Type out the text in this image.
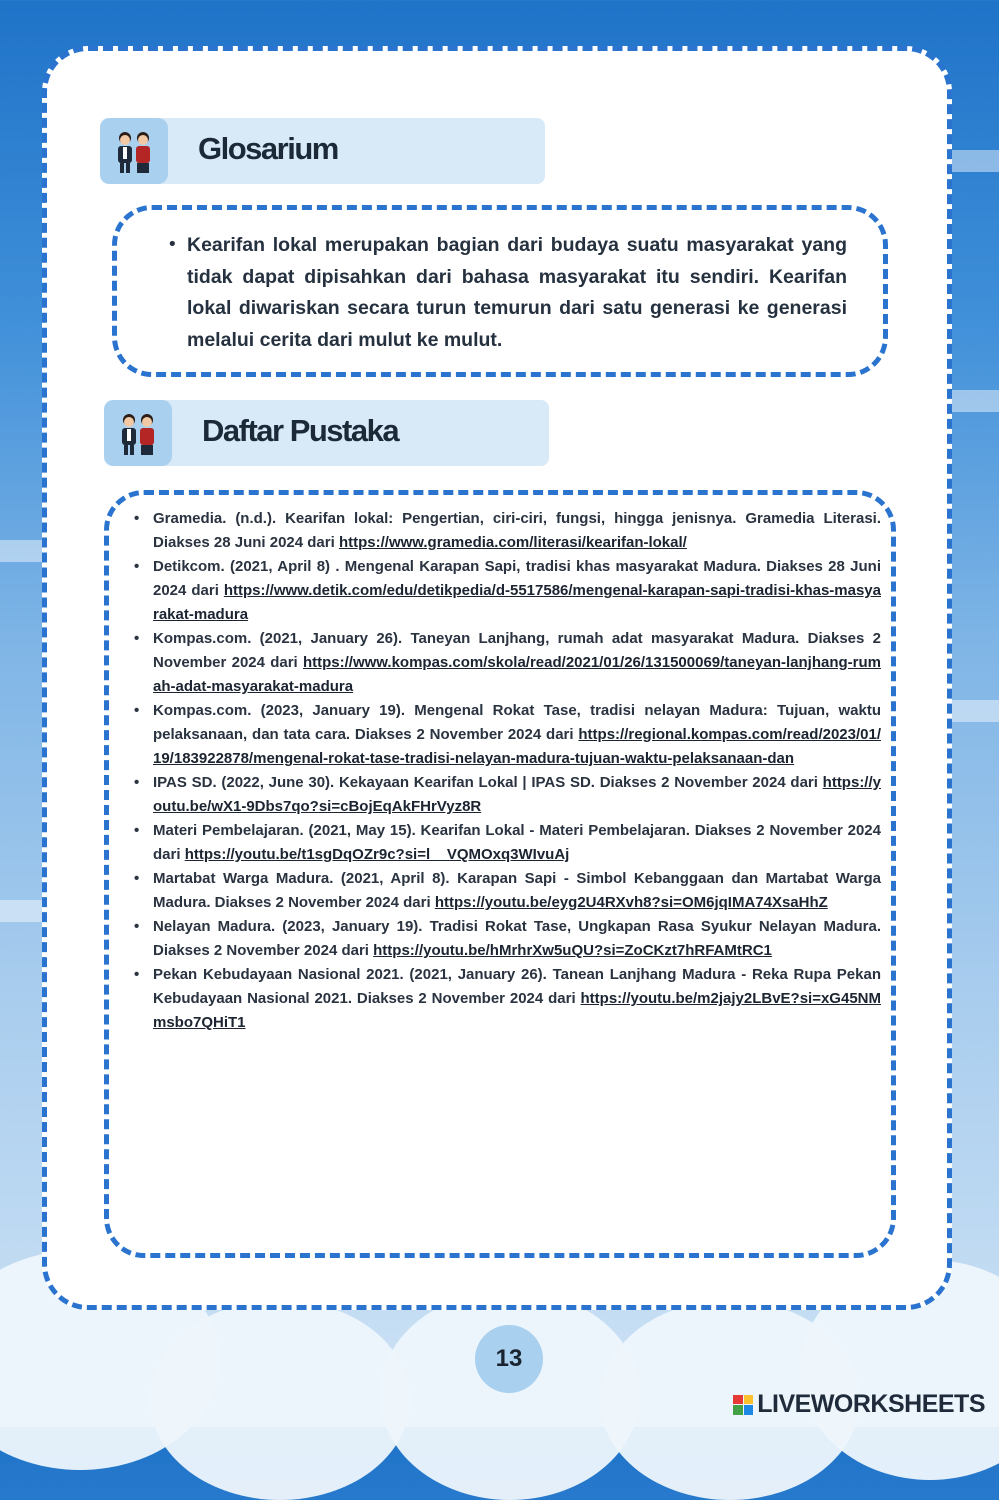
Glosarium
• Kearifan lokal merupakan bagian dari budaya suatu masyarakat yang tidak dapat dipisahkan dari bahasa masyarakat itu sendiri. Kearifan lokal diwariskan secara turun temurun dari satu generasi ke generasi melalui cerita dari mulut ke mulut.
Daftar Pustaka
• Gramedia. (n.d.). Kearifan lokal: Pengertian, ciri-ciri, fungsi, hingga jenisnya. Gramedia Literasi. Diakses 28 Juni 2024 dari https://www.gramedia.com/literasi/kearifan-lokal/
• Detikcom. (2021, April 8) . Mengenal Karapan Sapi, tradisi khas masyarakat Madura. Diakses 28 Juni 2024 dari https://www.detik.com/edu/detikpedia/d-5517586/mengenal-karapan-sapi-tradisi-khas-masyarakat-madura
• Kompas.com. (2021, January 26). Taneyan Lanjhang, rumah adat masyarakat Madura. Diakses 2 November 2024 dari https://www.kompas.com/skola/read/2021/01/26/131500069/taneyan-lanjhang-rumah-adat-masyarakat-madura
• Kompas.com. (2023, January 19). Mengenal Rokat Tase, tradisi nelayan Madura: Tujuan, waktu pelaksanaan, dan tata cara. Diakses 2 November 2024 dari https://regional.kompas.com/read/2023/01/19/183922878/mengenal-rokat-tase-tradisi-nelayan-madura-tujuan-waktu-pelaksanaan-dan
• IPAS SD. (2022, June 30). Kekayaan Kearifan Lokal | IPAS SD. Diakses 2 November 2024 dari https://youtu.be/wX1-9Dbs7qo?si=cBojEqAkFHrVyz8R
• Materi Pembelajaran. (2021, May 15). Kearifan Lokal - Materi Pembelajaran. Diakses 2 November 2024 dari https://youtu.be/t1sgDqOZr9c?si=l__VQMOxq3WIvuAj
• Martabat Warga Madura. (2021, April 8). Karapan Sapi - Simbol Kebanggaan dan Martabat Warga Madura. Diakses 2 November 2024 dari https://youtu.be/eyg2U4RXvh8?si=OM6jqIMA74XsaHhZ
• Nelayan Madura. (2023, January 19). Tradisi Rokat Tase, Ungkapan Rasa Syukur Nelayan Madura. Diakses 2 November 2024 dari https://youtu.be/hMrhrXw5uQU?si=ZoCKzt7hRFAMtRC1
• Pekan Kebudayaan Nasional 2021. (2021, January 26). Tanean Lanjhang Madura - Reka Rupa Pekan Kebudayaan Nasional 2021. Diakses 2 November 2024 dari https://youtu.be/m2jajy2LBvE?si=xG45NMmsbo7QHiT1
13
LIVEWORKSHEETS
